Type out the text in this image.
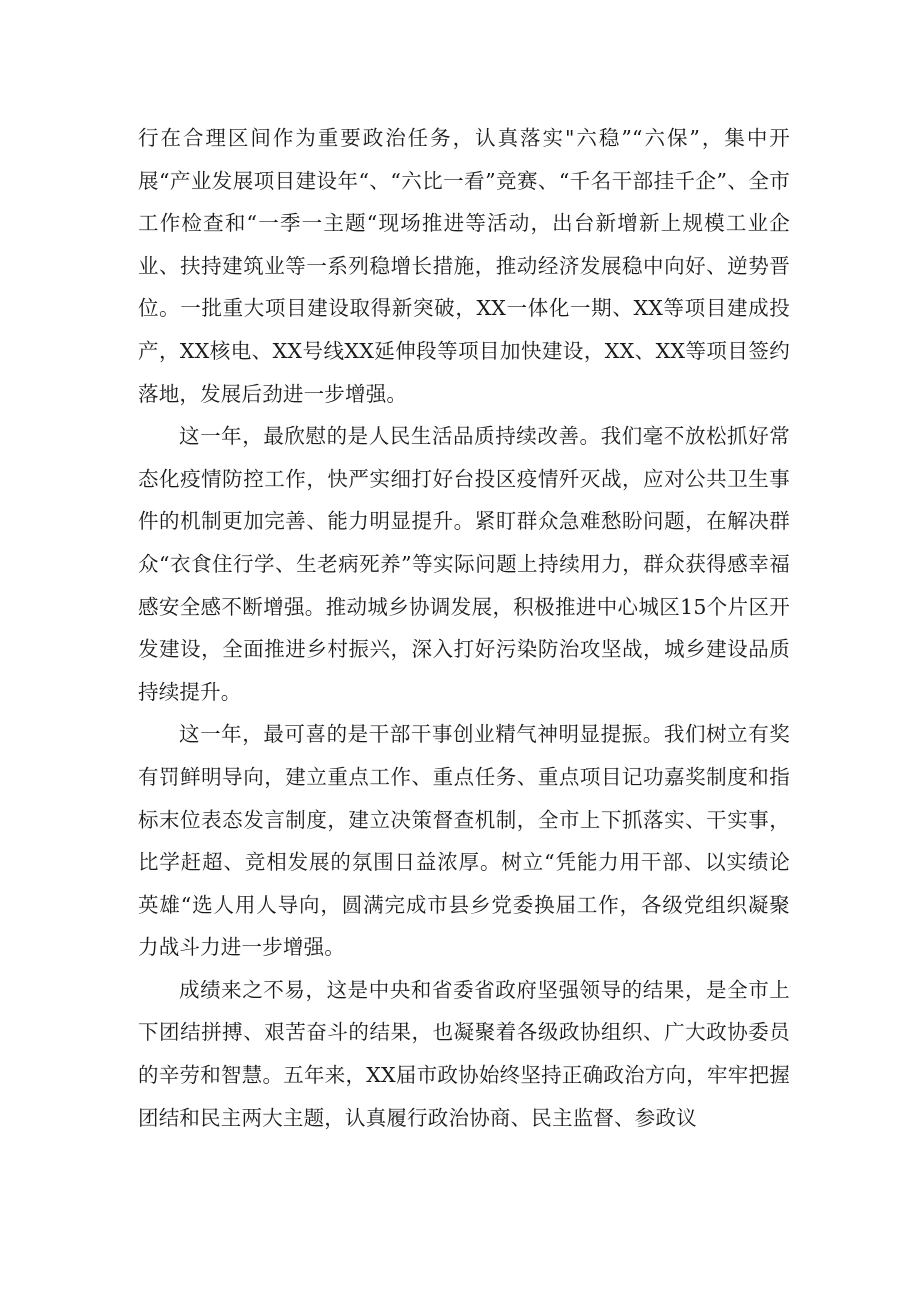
行在合理区间作为重要政治任务，认真落实"六稳”“六保”，集中开展“产业发展项目建设年“、“六比一看”竞赛、“千名干部挂千企”、全市工作检查和“一季一主题“现场推进等活动，出台新增新上规模工业企业、扶持建筑业等一系列稳增长措施，推动经济发展稳中向好、逆势晋位。一批重大项目建设取得新突破，XX一体化一期、XX等项目建成投产，XX核电、XX号线XX延伸段等项目加快建设，XX、XX等项目签约落地，发展后劲进一步增强。

这一年，最欣慰的是人民生活品质持续改善。我们毫不放松抓好常态化疫情防控工作，快严实细打好台投区疫情歼灭战，应对公共卫生事件的机制更加完善、能力明显提升。紧盯群众急难愁盼问题，在解决群众“衣食住行学、生老病死养”等实际问题上持续用力，群众获得感幸福感安全感不断增强。推动城乡协调发展，积极推进中心城区15个片区开发建设，全面推进乡村振兴，深入打好污染防治攻坚战，城乡建设品质持续提升。

这一年，最可喜的是干部干事创业精气神明显提振。我们树立有奖有罚鲜明导向，建立重点工作、重点任务、重点项目记功嘉奖制度和指标末位表态发言制度，建立决策督查机制，全市上下抓落实、干实事，比学赶超、竞相发展的氛围日益浓厚。树立“凭能力用干部、以实绩论英雄“选人用人导向，圆满完成市县乡党委换届工作，各级党组织凝聚力战斗力进一步增强。

成绩来之不易，这是中央和省委省政府坚强领导的结果，是全市上下团结拼搏、艰苦奋斗的结果，也凝聚着各级政协组织、广大政协委员的辛劳和智慧。五年来，XX届市政协始终坚持正确政治方向，牢牢把握团结和民主两大主题，认真履行政治协商、民主监督、参政议
